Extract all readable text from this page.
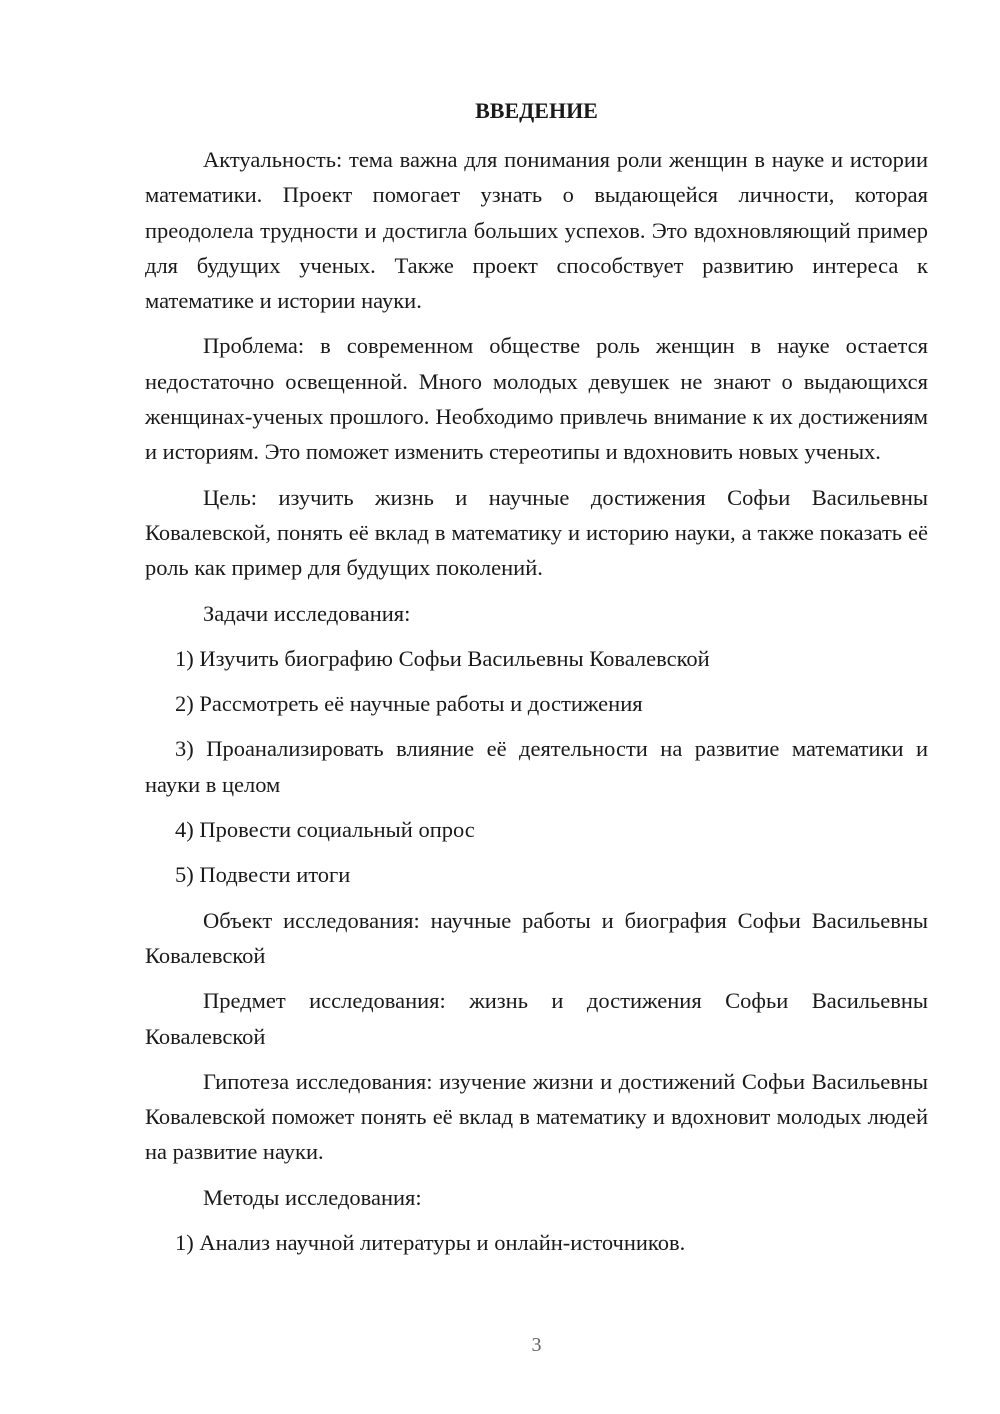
ВВЕДЕНИЕ

Актуальность: тема важна для понимания роли женщин в науке и истории математики. Проект помогает узнать о выдающейся личности, которая преодолела трудности и достигла больших успехов. Это вдохновляющий пример для будущих ученых. Также проект способствует развитию интереса к математике и истории науки.

Проблема: в современном обществе роль женщин в науке остается недостаточно освещенной. Много молодых девушек не знают о выдающихся женщинах-ученых прошлого. Необходимо привлечь внимание к их достижениям и историям. Это поможет изменить стереотипы и вдохновить новых ученых.

Цель: изучить жизнь и научные достижения Софьи Васильевны Ковалевской, понять её вклад в математику и историю науки, а также показать её роль как пример для будущих поколений.

Задачи исследования:

1) Изучить биографию Софьи Васильевны Ковалевской

2) Рассмотреть её научные работы и достижения

3) Проанализировать влияние её деятельности на развитие математики и науки в целом

4) Провести социальный опрос

5) Подвести итоги

Объект исследования: научные работы и биография Софьи Васильевны Ковалевской

Предмет исследования: жизнь и достижения Софьи Васильевны Ковалевской

Гипотеза исследования: изучение жизни и достижений Софьи Васильевны Ковалевской поможет понять её вклад в математику и вдохновит молодых людей на развитие науки.

Методы исследования:

1) Анализ научной литературы и онлайн-источников.

3
